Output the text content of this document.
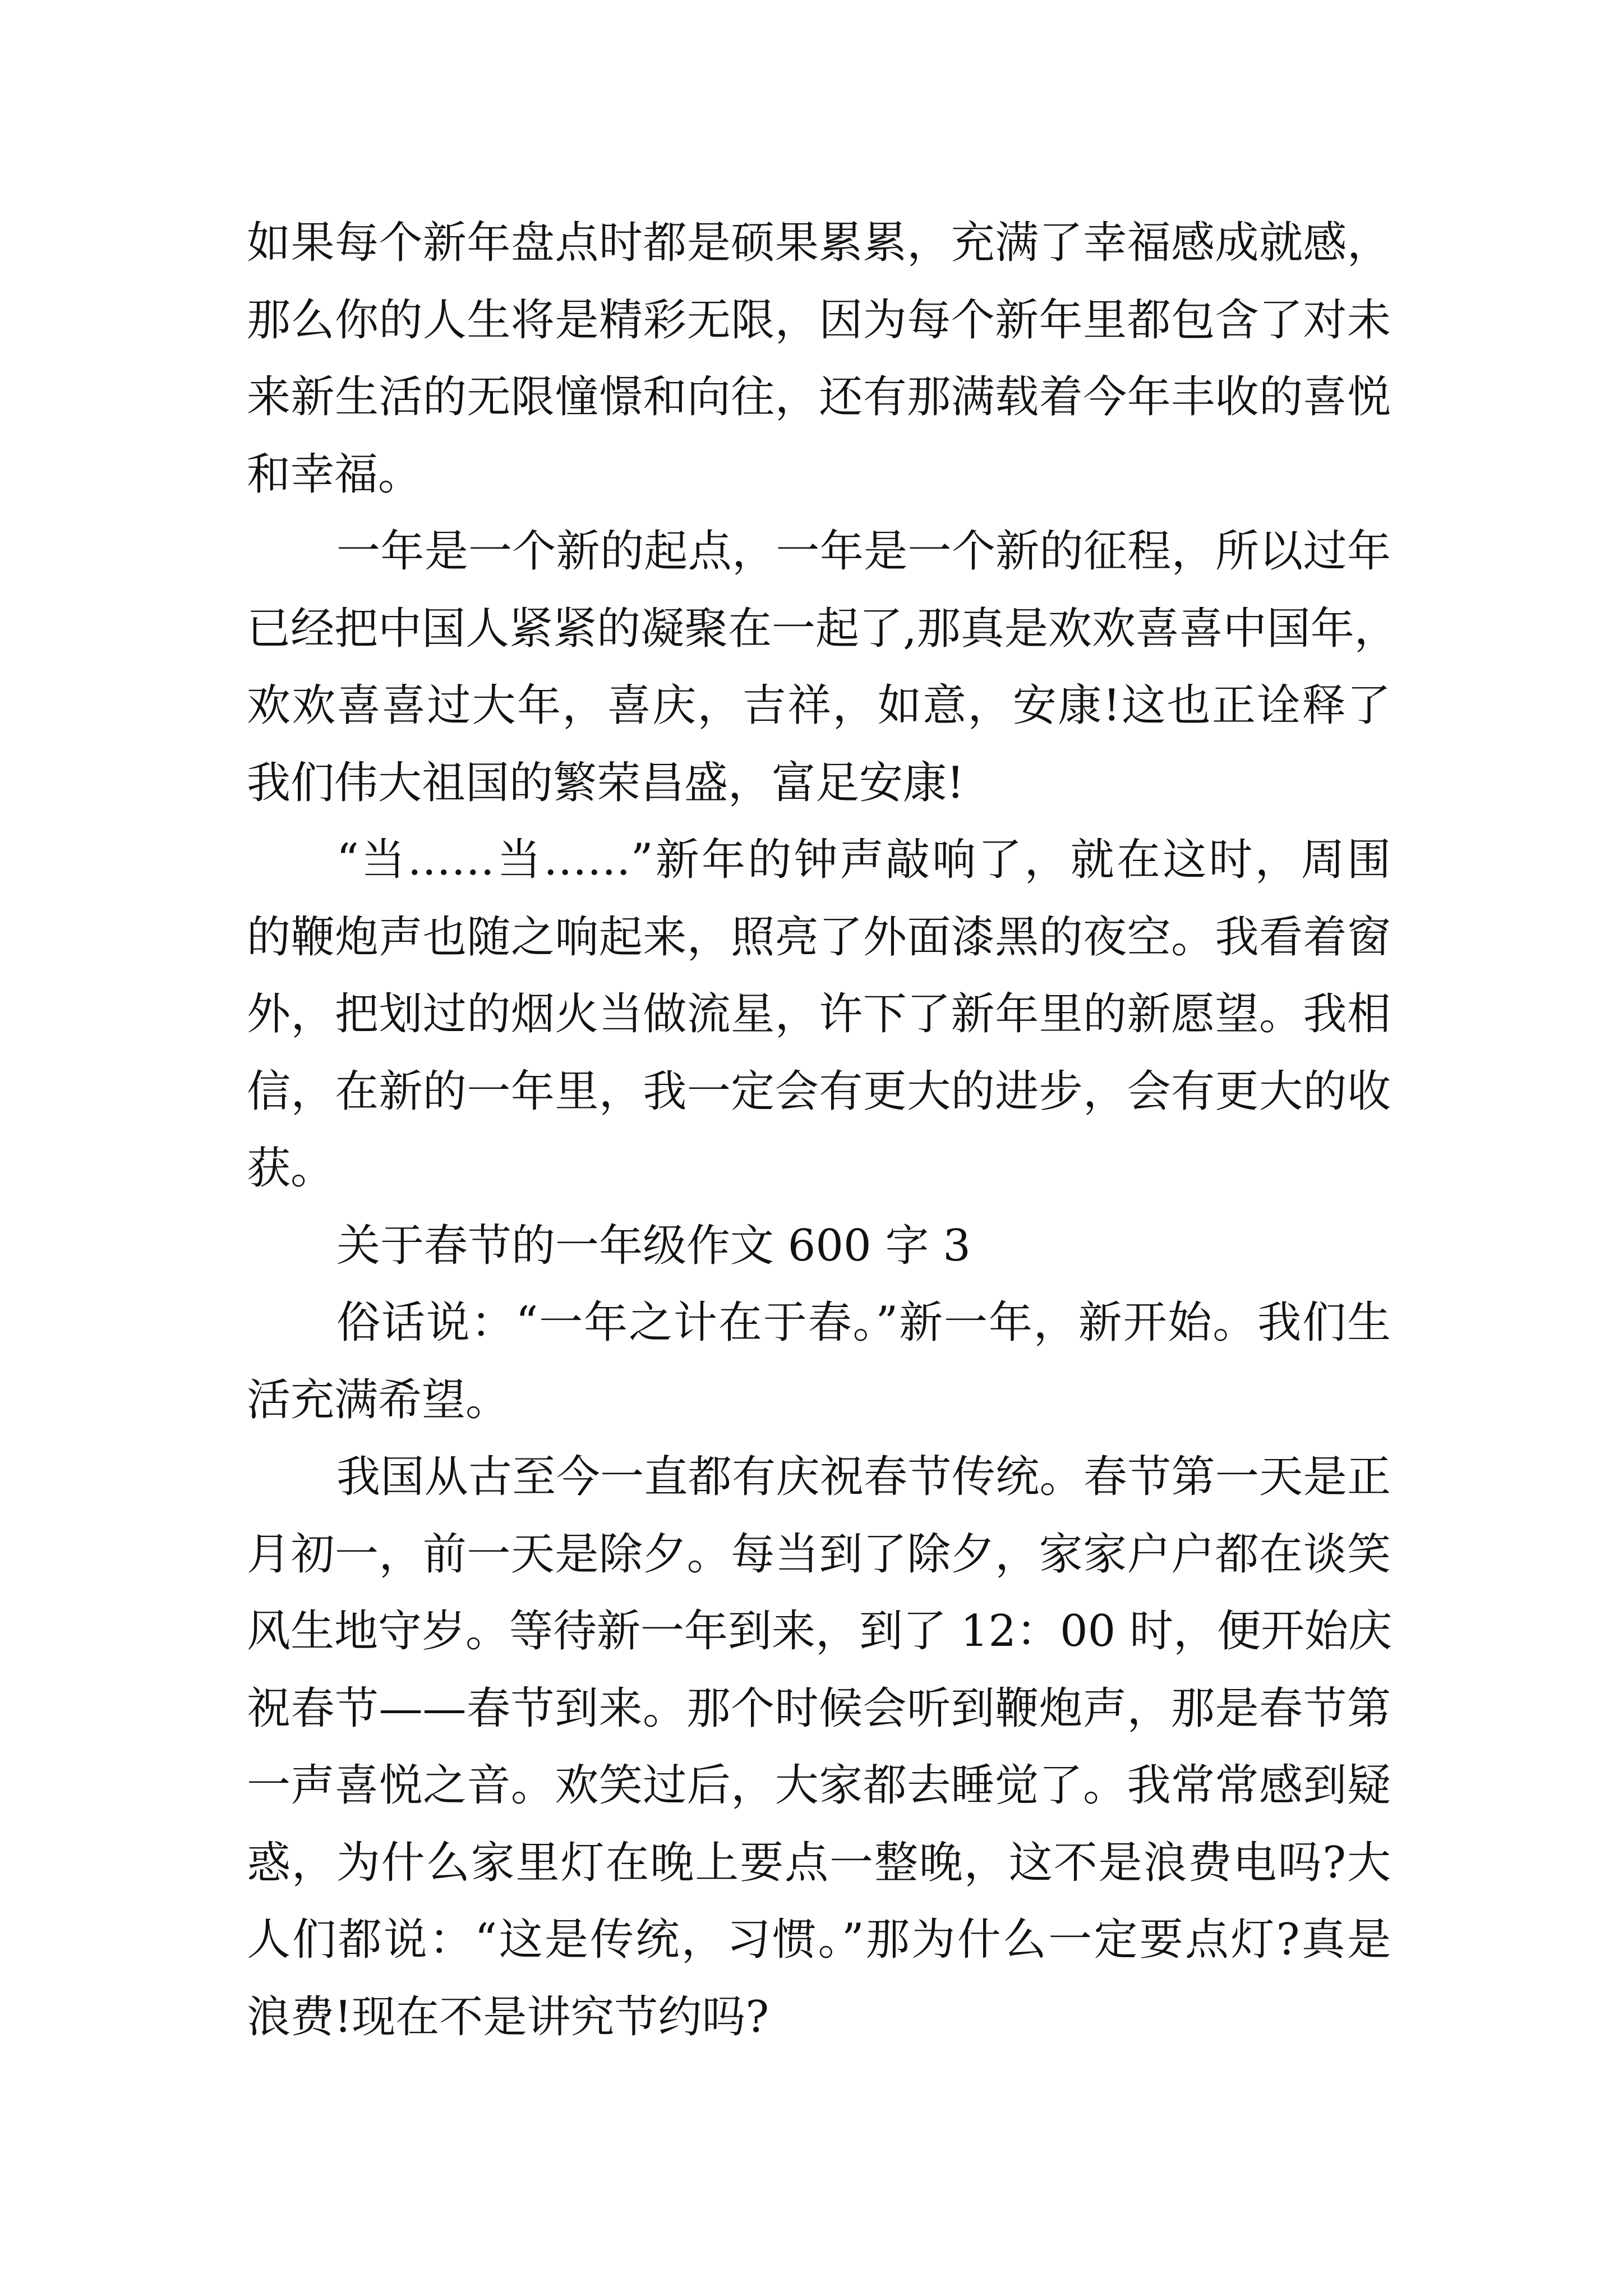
如果每个新年盘点时都是硕果累累，充满了幸福感成就感，
那么你的人生将是精彩无限，因为每个新年里都包含了对未
来新生活的无限憧憬和向往，还有那满载着今年丰收的喜悦
和幸福。
一年是一个新的起点，一年是一个新的征程，所以过年
已经把中国人紧紧的凝聚在一起了,那真是欢欢喜喜中国年，
欢欢喜喜过大年，喜庆，吉祥，如意，安康!这也正诠释了
我们伟大祖国的繁荣昌盛，富足安康!
“当……当……”新年的钟声敲响了，就在这时，周围
的鞭炮声也随之响起来，照亮了外面漆黑的夜空。我看着窗
外，把划过的烟火当做流星，许下了新年里的新愿望。我相
信，在新的一年里，我一定会有更大的进步，会有更大的收
获。
关于春节的一年级作文 600 字 3
俗话说：“一年之计在于春。”新一年，新开始。我们生
活充满希望。
我国从古至今一直都有庆祝春节传统。春节第一天是正
月初一，前一天是除夕。每当到了除夕，家家户户都在谈笑
风生地守岁。等待新一年到来，到了 12：00 时，便开始庆
祝春节——春节到来。那个时候会听到鞭炮声，那是春节第
一声喜悦之音。欢笑过后，大家都去睡觉了。我常常感到疑
惑，为什么家里灯在晚上要点一整晚，这不是浪费电吗?大
人们都说：“这是传统，习惯。”那为什么一定要点灯?真是
浪费!现在不是讲究节约吗?
